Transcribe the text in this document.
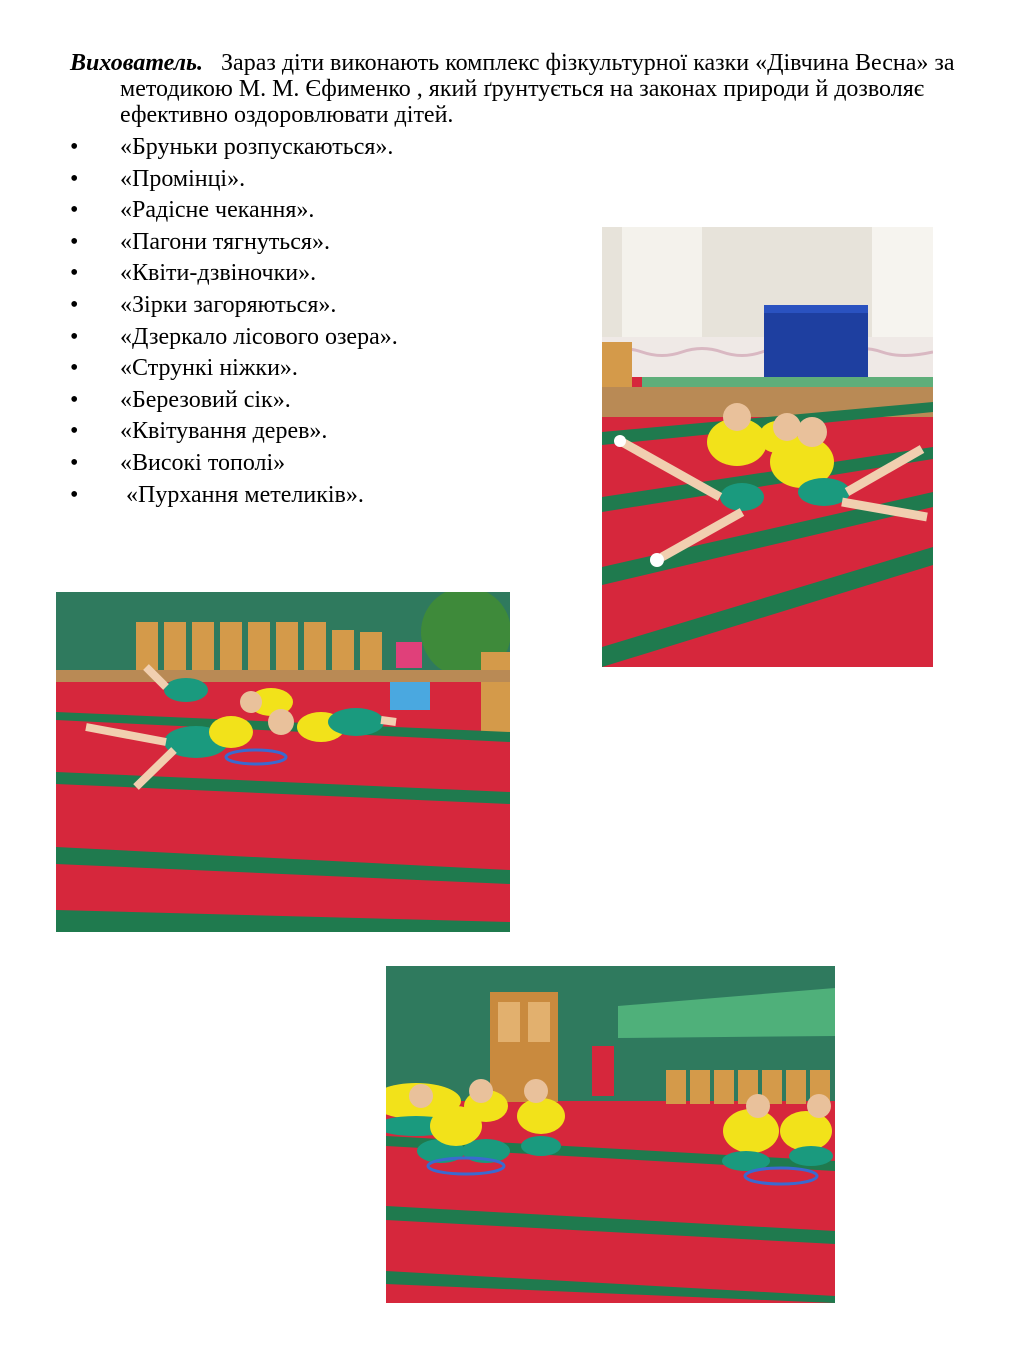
Вихователь. Зараз діти виконають комплекс фізкультурної казки «Дівчина Весна» за методикою М. М. Єфименко , який ґрунтується на законах природи й дозволяє ефективно оздоровлювати дітей.
• «Бруньки розпускаються».
• «Промінці».
• «Радісне чекання».
• «Пагони тягнуться».
• «Квіти-дзвіночки».
• «Зірки загоряються».
• «Дзеркало лісового озера».
• «Стрункі ніжки».
• «Березовий сік».
• «Квітування дерев».
• «Високі тополі»
• «Пурхання метеликів».
